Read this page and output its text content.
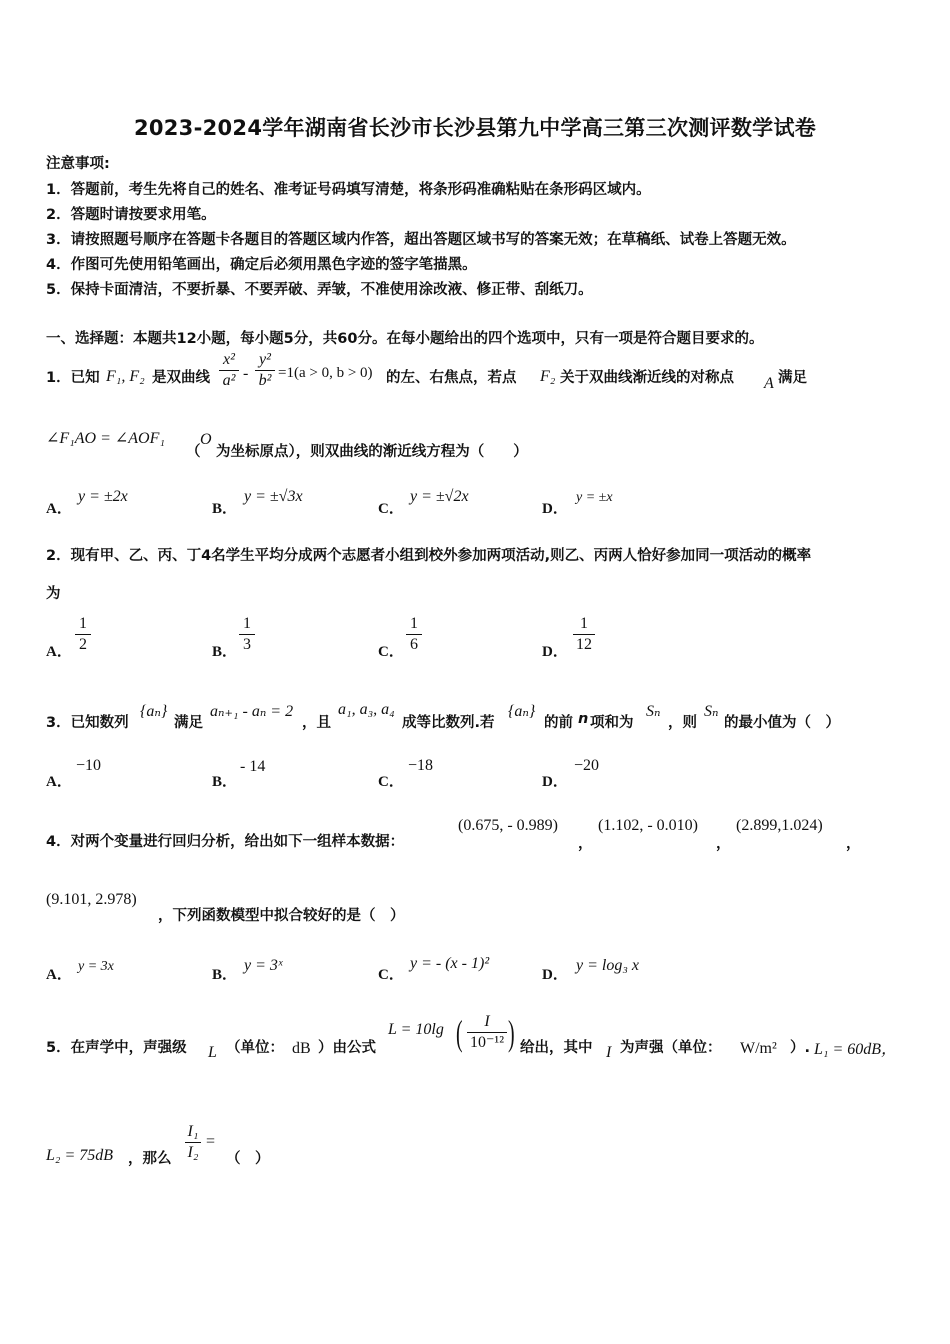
2023-2024学年湖南省长沙市长沙县第九中学高三第三次测评数学试卷
注意事项:
1．答题前，考生先将自己的姓名、准考证号码填写清楚，将条形码准确粘贴在条形码区域内。
2．答题时请按要求用笔。
3．请按照题号顺序在答题卡各题目的答题区域内作答，超出答题区域书写的答案无效；在草稿纸、试卷上答题无效。
4．作图可先使用铅笔画出，确定后必须用黑色字迹的签字笔描黑。
5．保持卡面清洁，不要折暴、不要弄破、弄皱，不准使用涂改液、修正带、刮纸刀。
一、选择题：本题共12小题，每小题5分，共60分。在每小题给出的四个选项中，只有一项是符合题目要求的。
1．已知 F₁, F₂ 是双曲线
x²
a² -
y²
b² =1(a > 0, b > 0) 的左、右焦点，若点 F₂ 关于双曲线渐近线的对称点 A 满足
∠F₁AO = ∠AOF₁
（
O
为坐标原点），则双曲线的渐近线方程为（　　）
A．
y = ±2x
B．
y = ±√3x
C．
y = ±√2x
D．
y = ±x
2．现有甲、乙、丙、丁4名学生平均分成两个志愿者小组到校外参加两项活动,则乙、丙两人恰好参加同一项活动的概率
为
A．
1
2	B．
1
3	C．
1
6	D．
1
12
3．已知数列
{aₙ}
满足
aₙ₊₁ - aₙ = 2
，且
a₁, a₃, a₄
成等比数列.若
{aₙ}
的前 n 项和为
Sₙ
，则
Sₙ
的最小值为（　）
A．
−10
B．
- 14
C．
−18
D．
−20
4．对两个变量进行回归分析，给出如下一组样本数据：
(0.675, - 0.989)
，
(1.102, - 0.010)
，
(2.899,1.024)
，
(9.101, 2.978)
，下列函数模型中拟合较好的是（　）
A．
y = 3x
B．
y = 3ˣ
C．
y = - (x - 1)²
D．
y = log₃ x
5．在声学中，声强级 L （单位： dB ）由公式
L = 10lg (	I
10⁻¹² ) 给出，其中 I 为声强（单位： W/m² ）. L₁ = 60dB，
L₂ = 75dB ，那么
I₁
I₂
=
（　）
